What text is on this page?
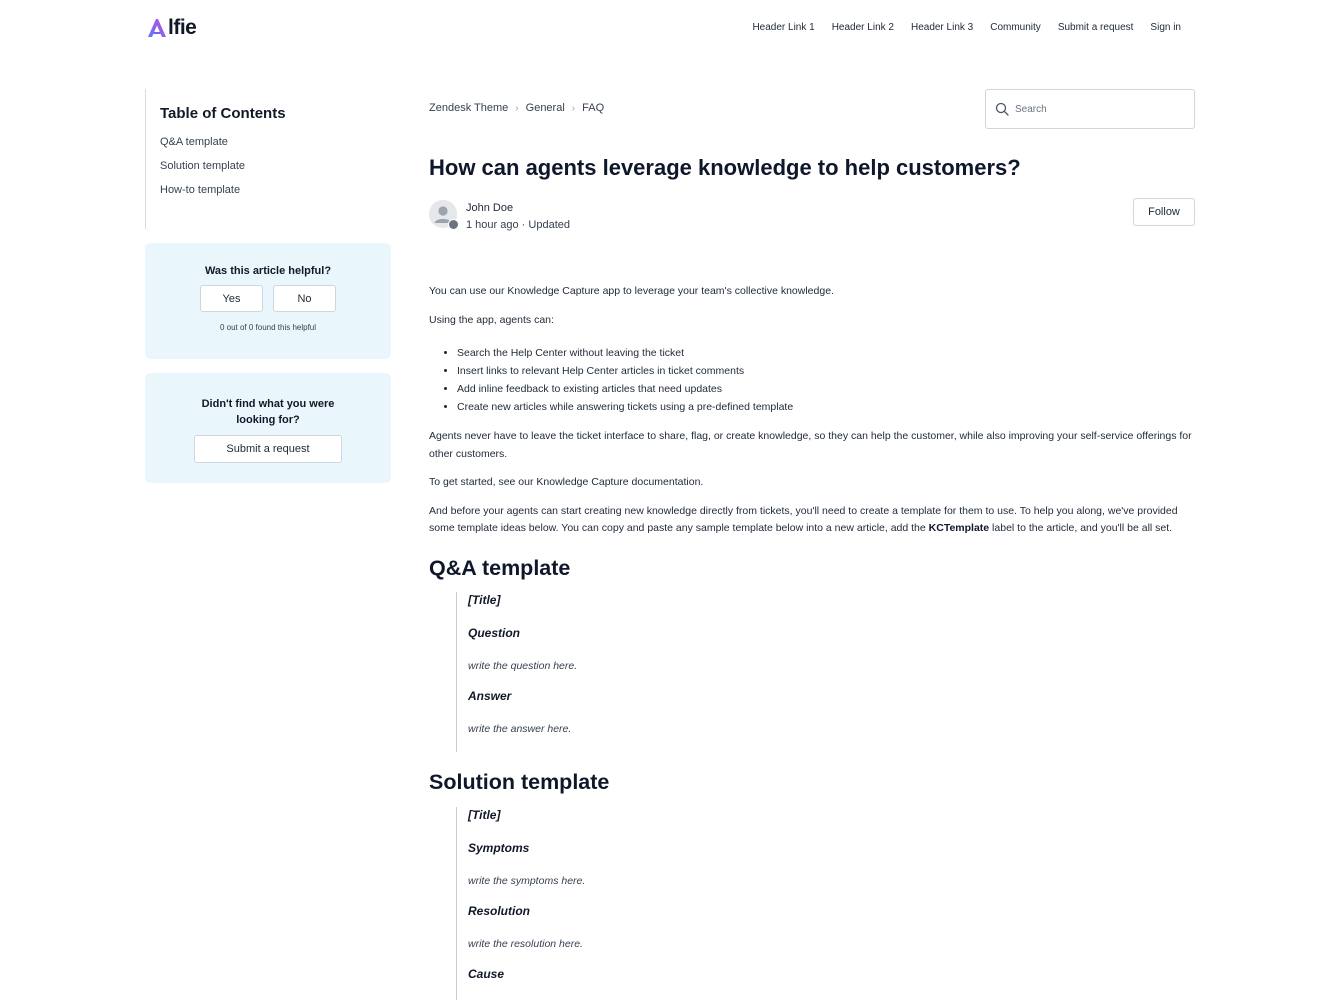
lfie	Header Link 1 Header Link 2 Header Link 3 Community Submit a request Sign in
Table of Contents
Q&A template
Solution template
How-to template
Was this article helpful?
Yes	No
0 out of 0 found this helpful
Didn't find what you were looking for?
Submit a request
Zendesk Theme › General › FAQ
Search
How can agents leverage knowledge to help customers?
John Doe
1 hour ago · Updated
Follow

You can use our Knowledge Capture app to leverage your team's collective knowledge.

Using the app, agents can:

• Search the Help Center without leaving the ticket
• Insert links to relevant Help Center articles in ticket comments
• Add inline feedback to existing articles that need updates
• Create new articles while answering tickets using a pre-defined template

Agents never have to leave the ticket interface to share, flag, or create knowledge, so they can help the customer, while also improving your self-service offerings for other customers.

To get started, see our Knowledge Capture documentation.

And before your agents can start creating new knowledge directly from tickets, you'll need to create a template for them to use. To help you along, we've provided some template ideas below. You can copy and paste any sample template below into a new article, add the KCTemplate label to the article, and you'll be all set.

Q&A template
[Title]
Question
write the question here.
Answer
write the answer here.
Solution template
[Title]
Symptoms
write the symptoms here.
Resolution
write the resolution here.
Cause
